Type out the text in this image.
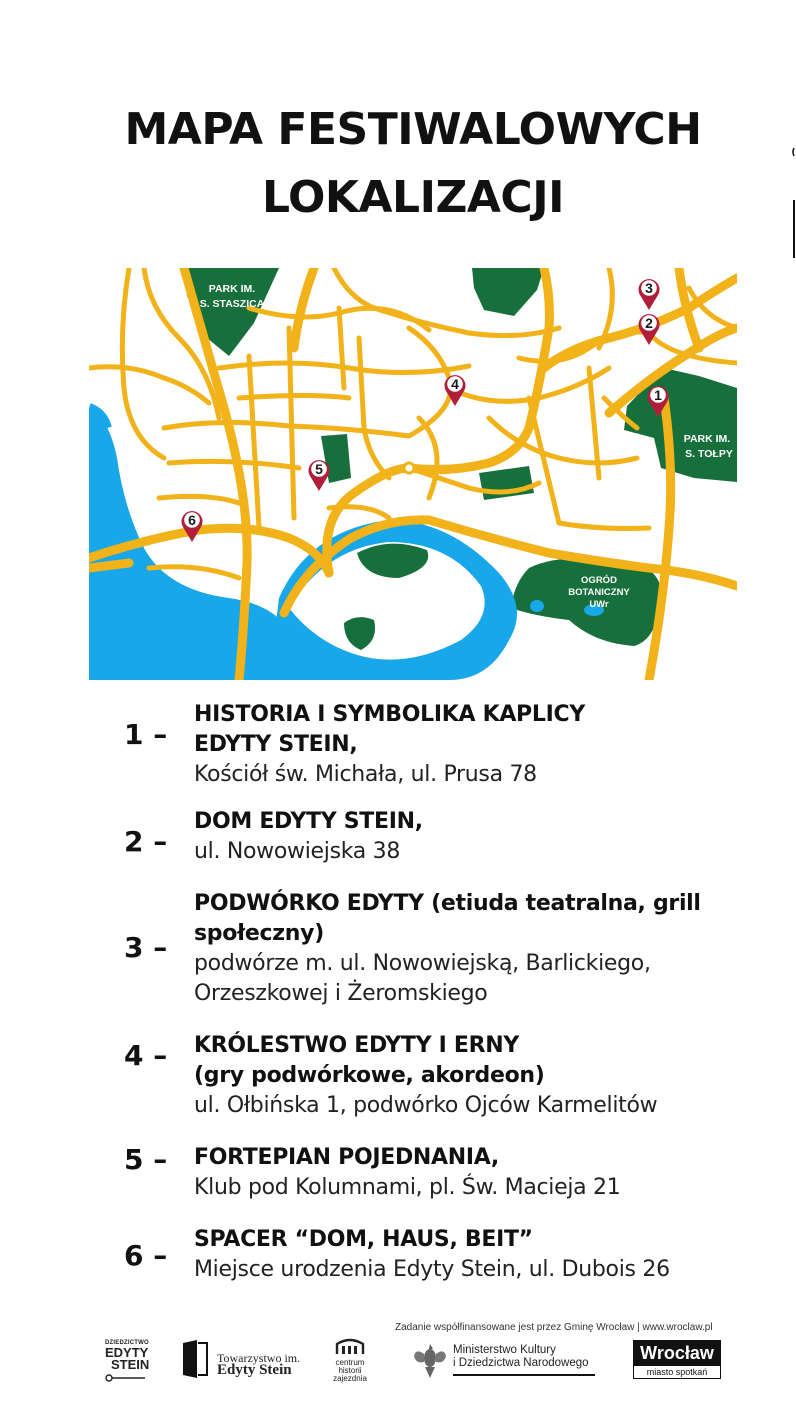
MAPA FESTIWALOWYCH
LOKALIZACJI
PARK IM.
S. STASZICA
PARK IM.
S. TOŁPY
WYSPA SŁODOWA
OGRÓD
BOTANICZNY
UWr
3
2
1
4
5
6
1 –
HISTORIA I SYMBOLIKA KAPLICY
EDYTY STEIN,
Kościół św. Michała, ul. Prusa 78
2 –
DOM EDYTY STEIN,
ul. Nowowiejska 38
3 –
PODWÓRKO EDYTY (etiuda teatralna, grill
społeczny)
podwórze m. ul. Nowowiejską, Barlickiego,
Orzeszkowej i Żeromskiego
4 – KRÓLESTWO EDYTY I ERNY
(gry podwórkowe, akordeon)
ul. Ołbińska 1, podwórko Ojców Karmelitów
5 – FORTEPIAN POJEDNANIA,
Klub pod Kolumnami, pl. Św. Macieja 21
6 – SPACER “DOM, HAUS, BEIT”
Miejsce urodzenia Edyty Stein, ul. Dubois 26
Zadanie współfinansowane jest przez Gminę Wrocław | www.wroclaw.pl
DZIEDZICTWO
EDYTY
STEIN	Towarzystwo im.
Edyty Stein	centrum
historii
zajezdnia
Ministerstwo Kultury
i Dziedzictwa Narodowego	Wrocław
miasto spotkań
